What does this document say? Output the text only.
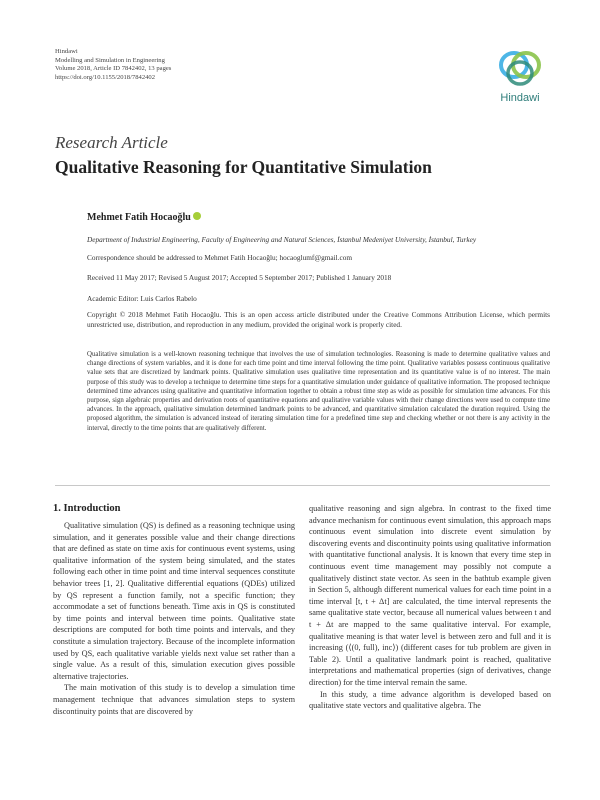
Hindawi
Modelling and Simulation in Engineering
Volume 2018, Article ID 7842402, 13 pages
https://doi.org/10.1155/2018/7842402
Hindawi
Research Article
Qualitative Reasoning for Quantitative Simulation
Mehmet Fatih Hocaoğlu
Department of Industrial Engineering, Faculty of Engineering and Natural Sciences, İstanbul Medeniyet University, İstanbul, Turkey
Correspondence should be addressed to Mehmet Fatih Hocaoğlu; hocaoglumf@gmail.com
Received 11 May 2017; Revised 5 August 2017; Accepted 5 September 2017; Published 1 January 2018
Academic Editor: Luis Carlos Rabelo
Copyright © 2018 Mehmet Fatih Hocaoğlu. This is an open access article distributed under the Creative Commons Attribution License, which permits unrestricted use, distribution, and reproduction in any medium, provided the original work is properly cited.
Qualitative simulation is a well-known reasoning technique that involves the use of simulation technologies. Reasoning is made to determine qualitative values and change directions of system variables, and it is done for each time point and time interval following the time point. Qualitative variables possess continuous qualitative value sets that are discretized by landmark points. Qualitative simulation uses qualitative time representation and its quantitative value is of no interest. The main purpose of this study was to develop a technique to determine time steps for a quantitative simulation under guidance of qualitative information. The proposed technique determined time advances using qualitative and quantitative information together to obtain a robust time step as wide as possible for simulation time advances. For this purpose, sign algebraic properties and derivation roots of quantitative equations and qualitative variable values with their change directions were used to compute time advances. In the approach, qualitative simulation determined landmark points to be advanced, and quantitative simulation calculated the duration required. Using the proposed algorithm, the simulation is advanced instead of iterating simulation time for a predefined time step and checking whether or not there is any activity in the interval, directly to the time points that are qualitatively different.
1. Introduction

Qualitative simulation (QS) is defined as a reasoning technique using simulation, and it generates possible value and their change directions that are defined as state on time axis for continuous event systems, using qualitative information of the system being simulated, and the states following each other in time point and time interval sequences constitute behavior trees [1, 2]. Qualitative differential equations (QDEs) utilized by QS represent a function family, not a specific function; they accommodate a set of functions beneath. Time axis in QS is constituted by time points and interval between time points. Qualitative state descriptions are computed for both time points and intervals, and they constitute a simulation trajectory. Because of the incomplete information used by QS, each qualitative variable yields next value set rather than a single value. As a result of this, simulation execution gives possible alternative trajectories.

The main motivation of this study is to develop a simulation time management technique that advances simulation steps to system discontinuity points that are discovered by

qualitative reasoning and sign algebra. In contrast to the fixed time advance mechanism for continuous event simulation, this approach maps continuous event simulation into discrete event simulation by discovering events and discontinuity points using qualitative information with quantitative functional analysis. It is known that every time step in continuous event time management may possibly not compute a qualitatively distinct state vector. As seen in the bathtub example given in Section 5, although different numerical values for each time point in a time interval [t, t + Δt] are calculated, the time interval represents the same qualitative state vector, because all numerical values between t and t + Δt are mapped to the same qualitative interval. For example, qualitative meaning is that water level is between zero and full and it is increasing (⟨(0, full), inc⟩) (different cases for tub problem are given in Table 2). Until a qualitative landmark point is reached, qualitative interpretations and mathematical properties (sign of derivatives, change direction) for the time interval remain the same.

In this study, a time advance algorithm is developed based on qualitative state vectors and qualitative algebra. The
